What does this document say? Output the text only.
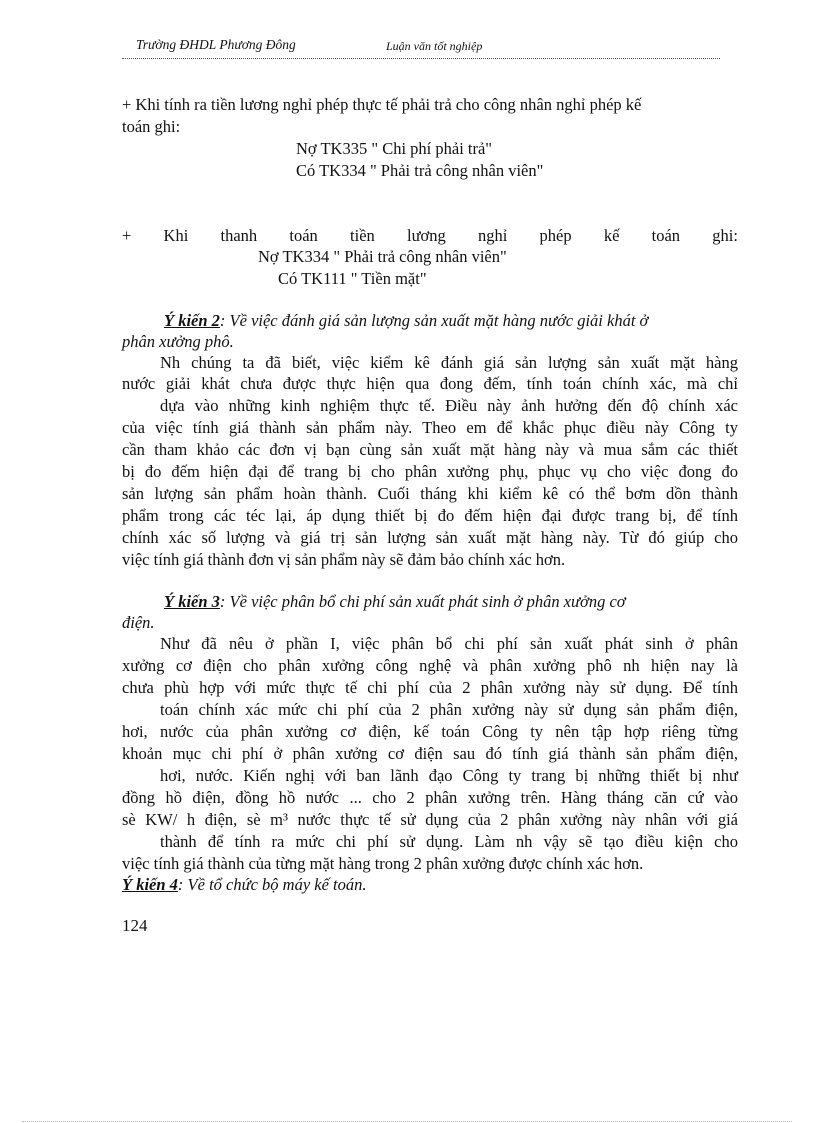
Trường ĐHDL Phương Đông	Luận văn tốt nghiệp
+ Khi tính ra tiền lương nghỉ phép thực tế phải trả cho công nhân nghỉ phép kế
toán ghi:
Nợ TK335 " Chi phí phải trả"
Có TK334 " Phải trả công nhân viên"
+ Khi thanh toán tiền lương nghỉ phép kế toán ghi:
Nợ TK334 " Phải trả công nhân viên"
Có TK111 " Tiền mặt"
Ý kiến 2: Về việc đánh giá sản lượng sản xuất mặt hàng nước giải khát ở
phân xưởng phô.
Nh chúng ta đã biết, việc kiểm kê đánh giá sản lượng sản xuất mặt hàng
nước giải khát chưa được thực hiện qua đong đếm, tính toán chính xác, mà chỉ
dựa vào những kinh nghiệm thực tế. Điều này ảnh hưởng đến độ chính xác
của việc tính giá thành sản phẩm này. Theo em để khắc phục điều này Công ty
cần tham khảo các đơn vị bạn cùng sản xuất mặt hàng này và mua sắm các thiết
bị đo đếm hiện đại để trang bị cho phân xưởng phụ, phục vụ cho việc đong đo
sản lượng sản phẩm hoàn thành. Cuối tháng khi kiểm kê có thể bơm dồn thành
phẩm trong các téc lại, áp dụng thiết bị đo đếm hiện đại được trang bị, để tính
chính xác số lượng và giá trị sản lượng sản xuất mặt hàng này. Từ đó giúp cho
việc tính giá thành đơn vị sản phẩm này sẽ đảm bảo chính xác hơn.
Ý kiến 3: Về việc phân bổ chi phí sản xuất phát sinh ở phân xưởng cơ
điện.
Như đã nêu ở phần I, việc phân bổ chi phí sản xuất phát sinh ở phân
xưởng cơ điện cho phân xưởng công nghệ và phân xưởng phô nh hiện nay là
chưa phù hợp với mức thực tế chi phí của 2 phân xưởng này sử dụng. Để tính
toán chính xác mức chi phí của 2 phân xưởng này sử dụng sản phẩm điện,
hơi, nước của phân xưởng cơ điện, kế toán Công ty nên tập hợp riêng từng
khoản mục chi phí ở phân xưởng cơ điện sau đó tính giá thành sản phẩm điện,
hơi, nước. Kiến nghị với ban lãnh đạo Công ty trang bị những thiết bị như
đồng hồ điện, đồng hồ nước ... cho 2 phân xưởng trên. Hàng tháng căn cứ vào
sè KW/ h điện, sè m³ nước thực tế sử dụng của 2 phân xưởng này nhân với giá
thành để tính ra mức chi phí sử dụng. Làm nh vậy sẽ tạo điều kiện cho
việc tính giá thành của từng mặt hàng trong 2 phân xưởng được chính xác hơn.
Ý kiến 4: Về tổ chức bộ máy kế toán.
124
